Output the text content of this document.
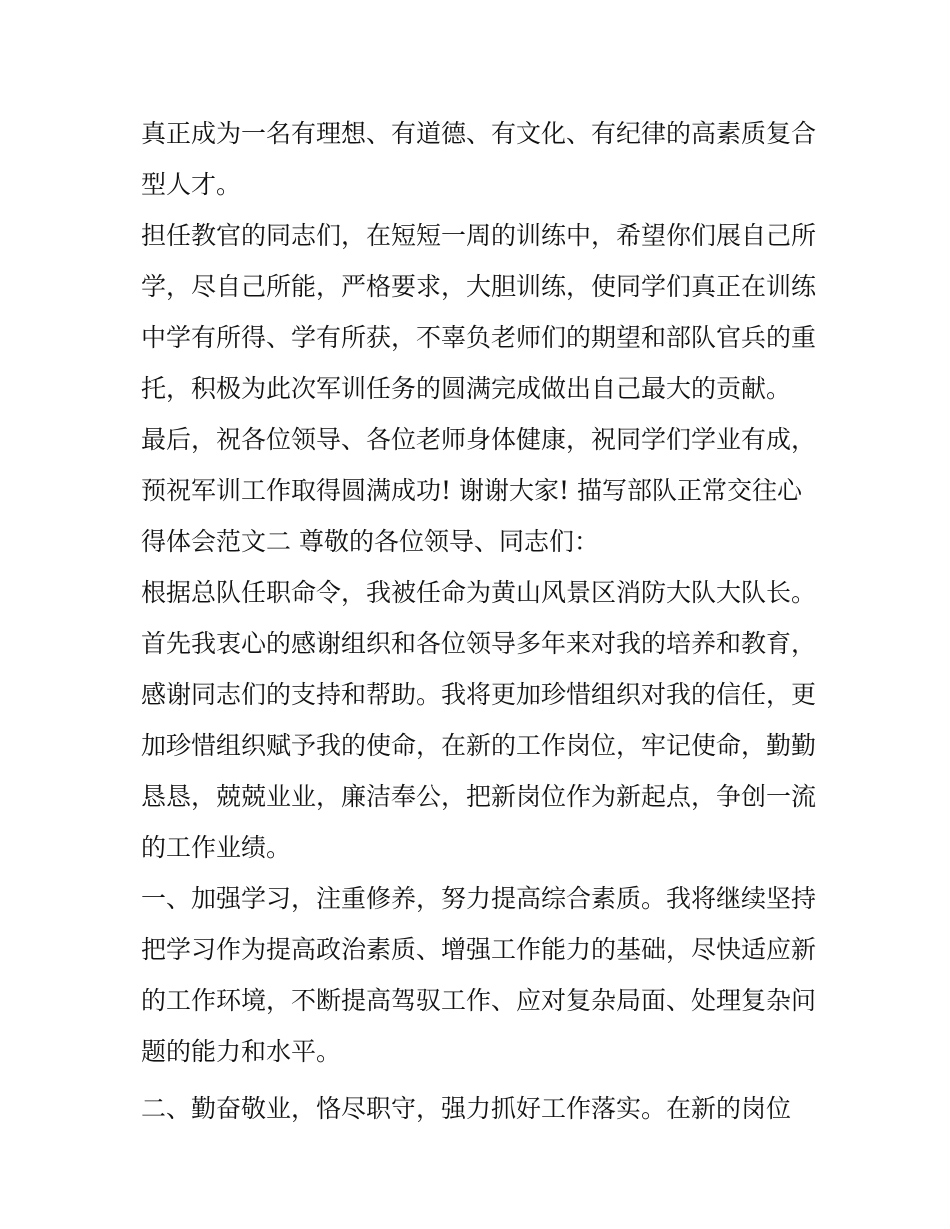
真正成为一名有理想、有道德、有文化、有纪律的高素质复合

型人才。

担任教官的同志们，在短短一周的训练中，希望你们展自己所

学，尽自己所能，严格要求，大胆训练，使同学们真正在训练

中学有所得、学有所获，不辜负老师们的期望和部队官兵的重

托，积极为此次军训任务的圆满完成做出自己最大的贡献。

最后，祝各位领导、各位老师身体健康，祝同学们学业有成，

预祝军训工作取得圆满成功! 谢谢大家! 描写部队正常交往心

得体会范文二 尊敬的各位领导、同志们：

根据总队任职命令，我被任命为黄山风景区消防大队大队长。

首先我衷心的感谢组织和各位领导多年来对我的培养和教育，

感谢同志们的支持和帮助。我将更加珍惜组织对我的信任，更

加珍惜组织赋予我的使命，在新的工作岗位，牢记使命，勤勤

恳恳，兢兢业业，廉洁奉公，把新岗位作为新起点，争创一流

的工作业绩。

一、加强学习，注重修养，努力提高综合素质。我将继续坚持

把学习作为提高政治素质、增强工作能力的基础，尽快适应新

的工作环境，不断提高驾驭工作、应对复杂局面、处理复杂问

题的能力和水平。

二、勤奋敬业，恪尽职守，强力抓好工作落实。在新的岗位
